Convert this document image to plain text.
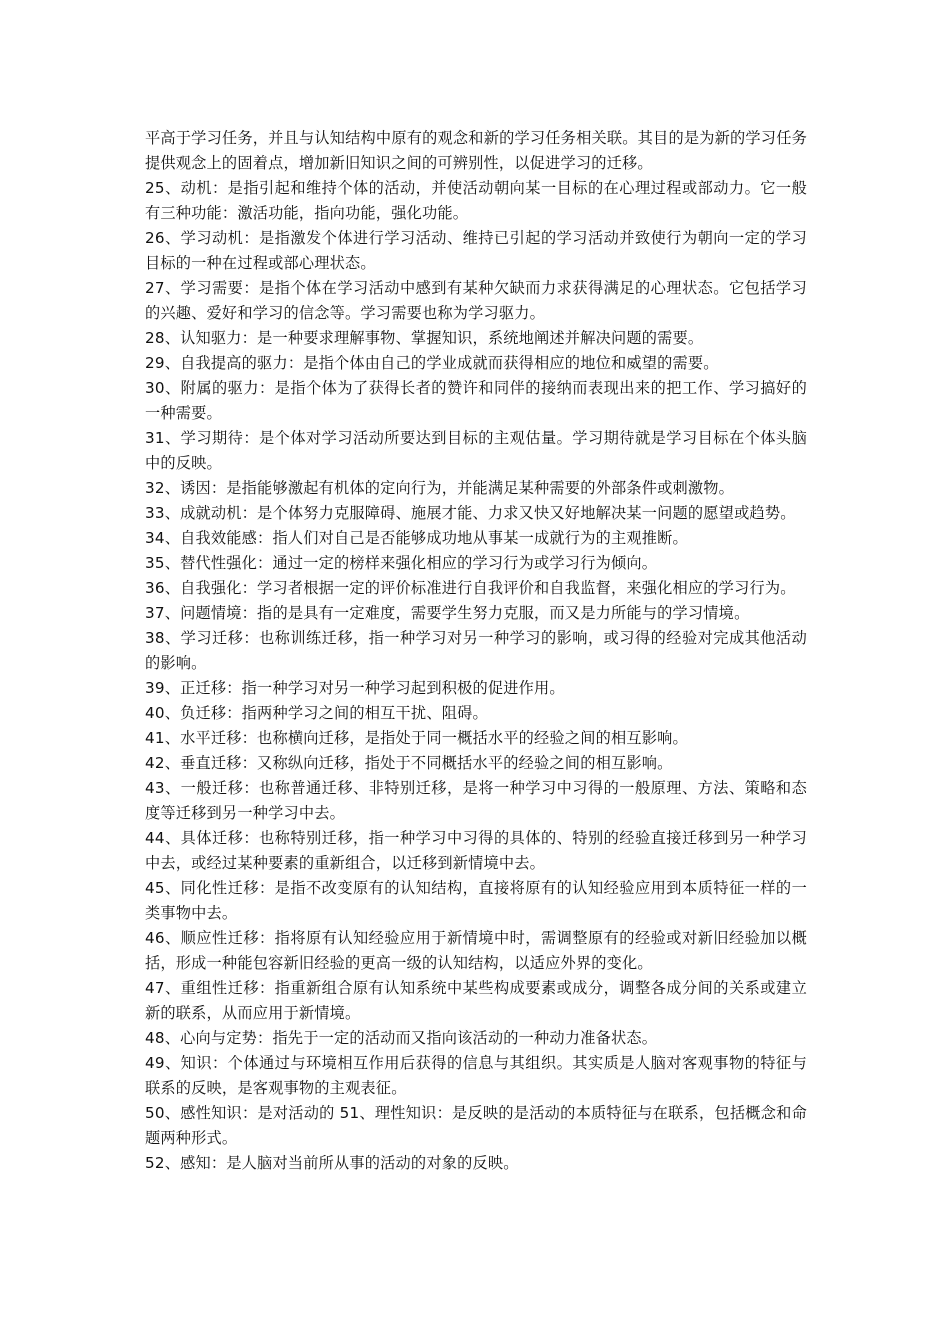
平高于学习任务，并且与认知结构中原有的观念和新的学习任务相关联。其目的是为新的学习任务提供观念上的固着点，增加新旧知识之间的可辨别性，以促进学习的迁移。

25、动机：是指引起和维持个体的活动，并使活动朝向某一目标的在心理过程或部动力。它一般有三种功能：激活功能，指向功能，强化功能。

26、学习动机：是指激发个体进行学习活动、维持已引起的学习活动并致使行为朝向一定的学习目标的一种在过程或部心理状态。

27、学习需要：是指个体在学习活动中感到有某种欠缺而力求获得满足的心理状态。它包括学习的兴趣、爱好和学习的信念等。学习需要也称为学习驱力。

28、认知驱力：是一种要求理解事物、掌握知识，系统地阐述并解决问题的需要。

29、自我提高的驱力：是指个体由自己的学业成就而获得相应的地位和威望的需要。

30、附属的驱力：是指个体为了获得长者的赞许和同伴的接纳而表现出来的把工作、学习搞好的一种需要。

31、学习期待：是个体对学习活动所要达到目标的主观估量。学习期待就是学习目标在个体头脑中的反映。

32、诱因：是指能够激起有机体的定向行为，并能满足某种需要的外部条件或刺激物。

33、成就动机：是个体努力克服障碍、施展才能、力求又快又好地解决某一问题的愿望或趋势。

34、自我效能感：指人们对自己是否能够成功地从事某一成就行为的主观推断。

35、替代性强化：通过一定的榜样来强化相应的学习行为或学习行为倾向。

36、自我强化：学习者根据一定的评价标准进行自我评价和自我监督，来强化相应的学习行为。

37、问题情境：指的是具有一定难度，需要学生努力克服，而又是力所能与的学习情境。

38、学习迁移：也称训练迁移，指一种学习对另一种学习的影响，或习得的经验对完成其他活动的影响。

39、正迁移：指一种学习对另一种学习起到积极的促进作用。

40、负迁移：指两种学习之间的相互干扰、阻碍。

41、水平迁移：也称横向迁移，是指处于同一概括水平的经验之间的相互影响。

42、垂直迁移：又称纵向迁移，指处于不同概括水平的经验之间的相互影响。

43、一般迁移：也称普通迁移、非特别迁移，是将一种学习中习得的一般原理、方法、策略和态度等迁移到另一种学习中去。

44、具体迁移：也称特别迁移，指一种学习中习得的具体的、特别的经验直接迁移到另一种学习中去，或经过某种要素的重新组合，以迁移到新情境中去。

45、同化性迁移：是指不改变原有的认知结构，直接将原有的认知经验应用到本质特征一样的一类事物中去。

46、顺应性迁移：指将原有认知经验应用于新情境中时，需调整原有的经验或对新旧经验加以概括，形成一种能包容新旧经验的更高一级的认知结构，以适应外界的变化。

47、重组性迁移：指重新组合原有认知系统中某些构成要素或成分，调整各成分间的关系或建立新的联系，从而应用于新情境。

48、心向与定势：指先于一定的活动而又指向该活动的一种动力准备状态。

49、知识：个体通过与环境相互作用后获得的信息与其组织。其实质是人脑对客观事物的特征与联系的反映，是客观事物的主观表征。

50、感性知识：是对活动的 51、理性知识：是反映的是活动的本质特征与在联系，包括概念和命题两种形式。

52、感知：是人脑对当前所从事的活动的对象的反映。
